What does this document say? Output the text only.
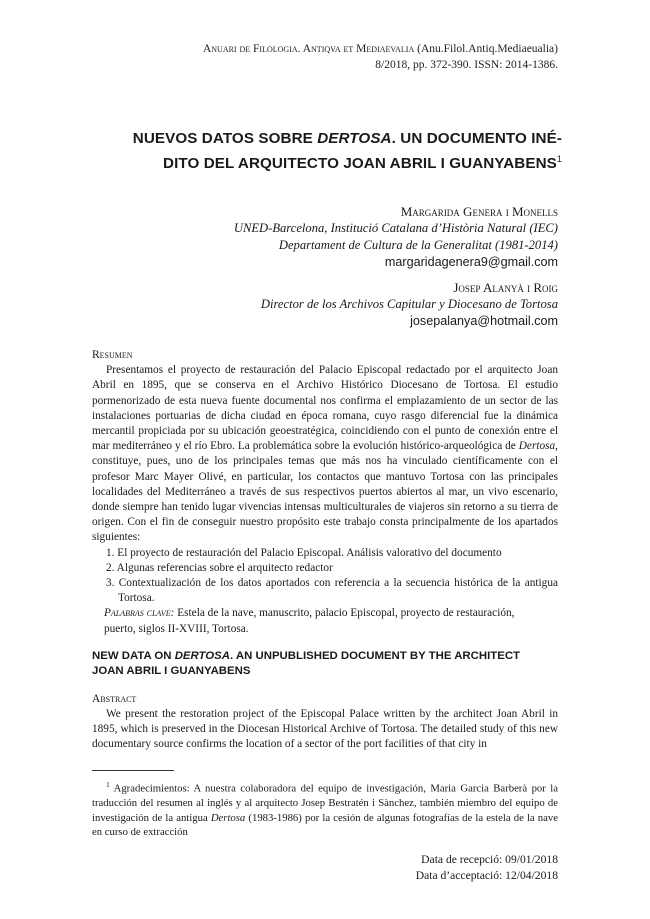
Anuari de Filologia. Antiqva et Mediaevalia (Anu.Filol.Antiq.Mediaeualia)
8/2018, pp. 372-390. ISSN: 2014-1386.
NUEVOS DATOS SOBRE DERTOSA. UN DOCUMENTO INÉ-
DITO DEL ARQUITECTO JOAN ABRIL I GUANYABENS$^1$
Margarida Genera i Monells
UNED-Barcelona, Institució Catalana d’Història Natural (IEC)
Departament de Cultura de la Generalitat (1981-2014)
margaridagenera9@gmail.com
Josep Alanyà i Roig
Director de los Archivos Capitular y Diocesano de Tortosa
josepalanya@hotmail.com
Resumen

Presentamos el proyecto de restauración del Palacio Episcopal redactado por el arquitecto Joan Abril en 1895, que se conserva en el Archivo Histórico Diocesano de Tortosa. El estudio pormenorizado de esta nueva fuente documental nos confirma el emplazamiento de un sector de las instalaciones portuarias de dicha ciudad en época romana, cuyo rasgo diferencial fue la dinámica mercantil propiciada por su ubicación geoestratégica, coincidiendo con el punto de conexión entre el mar mediterráneo y el río Ebro. La problemática sobre la evolución histórico-arqueológica de Dertosa, constituye, pues, uno de los principales temas que más nos ha vinculado científicamente con el profesor Marc Mayer Olivé, en particular, los contactos que mantuvo Tortosa con las principales localidades del Mediterráneo a través de sus respectivos puertos abiertos al mar, un vivo escenario, donde siempre han tenido lugar vivencias intensas multiculturales de viajeros sin retorno a su tierra de origen. Con el fin de conseguir nuestro propósito este trabajo consta principalmente de los apartados siguientes:

1. El proyecto de restauración del Palacio Episcopal. Análisis valorativo del documento
2. Algunas referencias sobre el arquitecto redactor
3. Contextualización de los datos aportados con referencia a la secuencia histórica de la antigua Tortosa.

Palabras clave: Estela de la nave, manuscrito, palacio Episcopal, proyecto de restauración,

puerto, siglos II-XVIII, Tortosa.

NEW DATA ON DERTOSA. AN UNPUBLISHED DOCUMENT BY THE ARCHITECT
JOAN ABRIL I GUANYABENS
Abstract

We present the restoration project of the Episcopal Palace written by the architect Joan Abril in 1895, which is preserved in the Diocesan Historical Archive of Tortosa. The detailed study of this new documentary source confirms the location of a sector of the port facilities of that city in

$^1$ Agradecimientos: A nuestra colaboradora del equipo de investigación, Maria Garcia Barberà por la traducción del resumen al inglés y al arquitecto Josep Bestratén i Sànchez, también miembro del equipo de investigación de la antigua Dertosa (1983-1986) por la cesión de algunas fotografías de la estela de la nave en curso de extracción

Data de recepció: 09/01/2018
Data d’acceptació: 12/04/2018
